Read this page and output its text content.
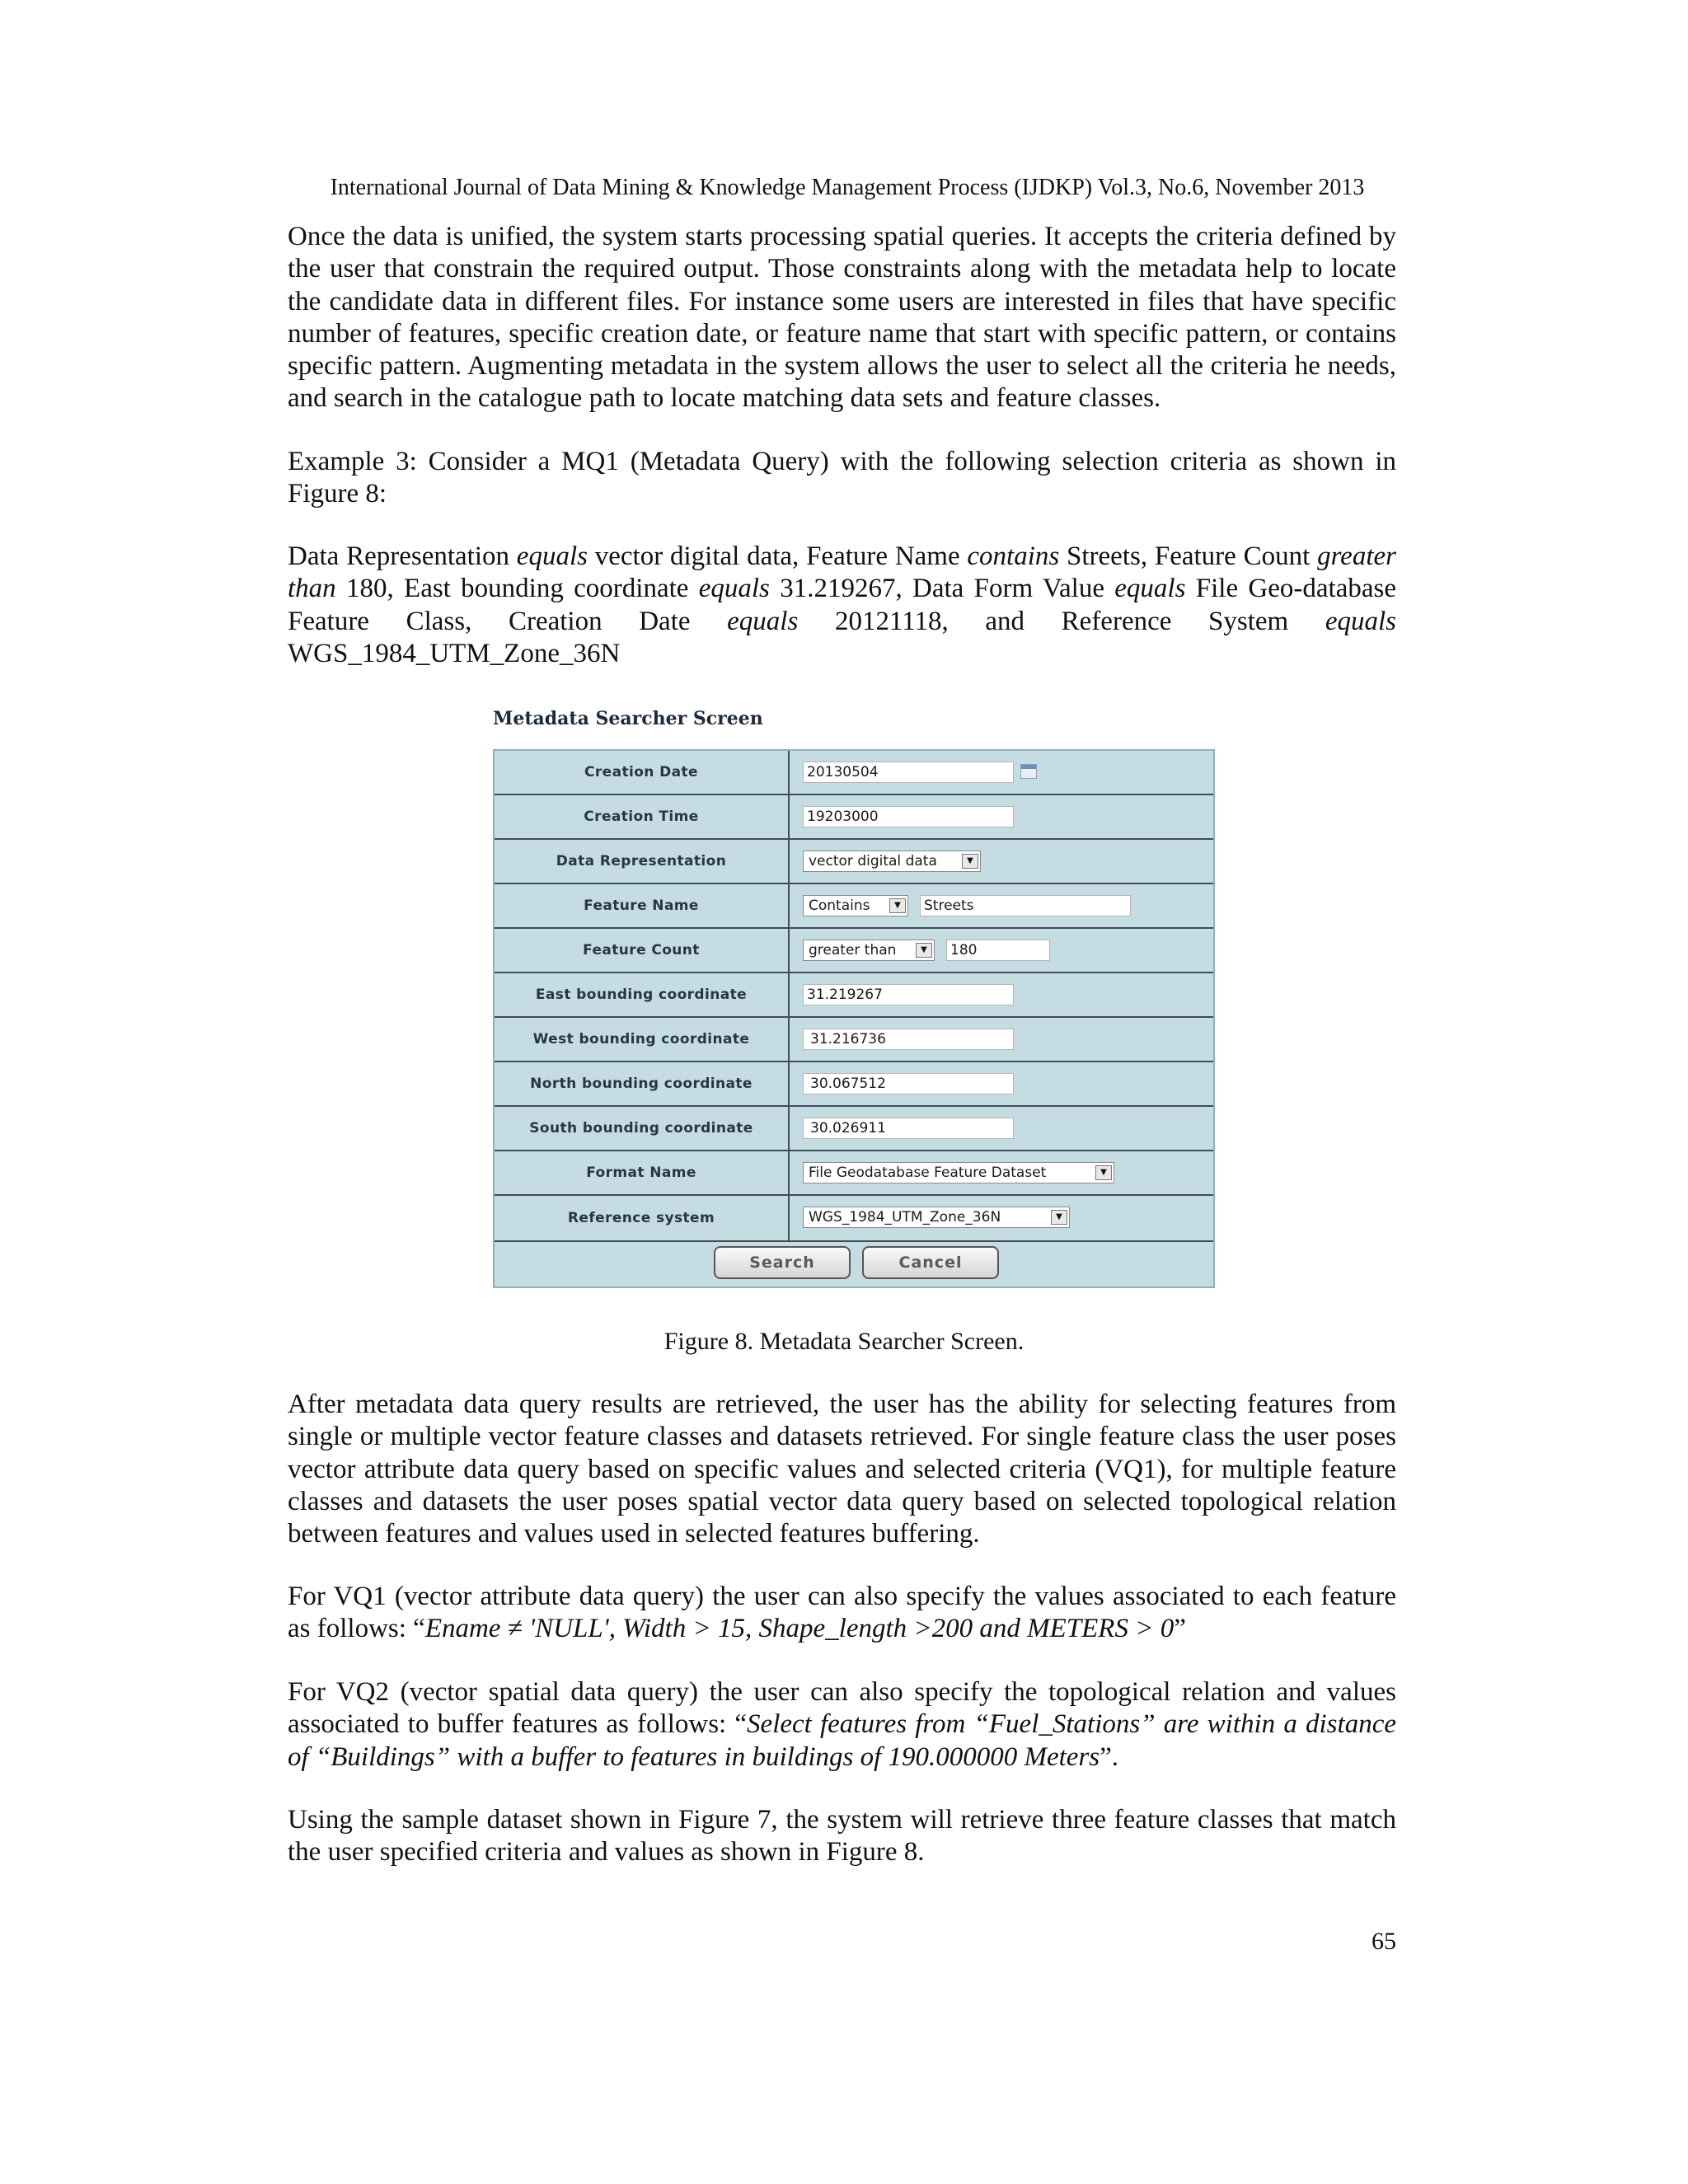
International Journal of Data Mining & Knowledge Management Process (IJDKP) Vol.3, No.6, November 2013

Once the data is unified, the system starts processing spatial queries. It accepts the criteria defined by the user that constrain the required output. Those constraints along with the metadata help to locate the candidate data in different files. For instance some users are interested in files that have specific number of features, specific creation date, or feature name that start with specific pattern, or contains specific pattern. Augmenting metadata in the system allows the user to select all the criteria he needs, and search in the catalogue path to locate matching data sets and feature classes.

Example 3: Consider a MQ1 (Metadata Query) with the following selection criteria as shown in Figure 8:

Data Representation equals vector digital data, Feature Name contains Streets, Feature Count greater than 180, East bounding coordinate equals 31.219267, Data Form Value equals File Geo-database Feature Class, Creation Date equals 20121118, and Reference System equals WGS_1984_UTM_Zone_36N

Metadata Searcher Screen
Creation Date	20130504
Creation Time	19203000
Data Representation	vector digital data	▼
Feature Name	Contains	▼	Streets
Feature Count	greater than	▼	180
East bounding coordinate	31.219267
West bounding coordinate	31.216736
North bounding coordinate	30.067512
South bounding coordinate	30.026911
Format Name	File Geodatabase Feature Dataset	▼
Reference system	WGS_1984_UTM_Zone_36N	▼
Search	Cancel
Figure 8. Metadata Searcher Screen.

After metadata data query results are retrieved, the user has the ability for selecting features from single or multiple vector feature classes and datasets retrieved. For single feature class the user poses vector attribute data query based on specific values and selected criteria (VQ1), for multiple feature classes and datasets the user poses spatial vector data query based on selected topological relation between features and values used in selected features buffering.

For VQ1 (vector attribute data query) the user can also specify the values associated to each feature as follows: “Ename ≠ 'NULL', Width > 15, Shape_length >200 and METERS > 0”

For VQ2 (vector spatial data query) the user can also specify the topological relation and values associated to buffer features as follows: “Select features from “Fuel_Stations” are within a distance of “Buildings” with a buffer to features in buildings of 190.000000 Meters”.

Using the sample dataset shown in Figure 7, the system will retrieve three feature classes that match the user specified criteria and values as shown in Figure 8.

65
